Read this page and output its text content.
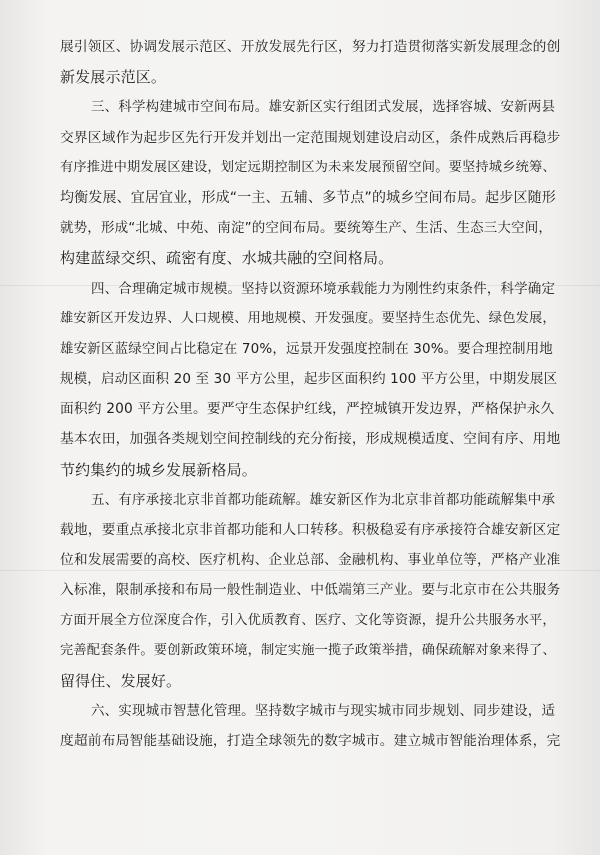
展引领区、协调发展示范区、开放发展先行区，努力打造贯彻落实新发展理念的创
新发展示范区。
三、科学构建城市空间布局。雄安新区实行组团式发展，选择容城、安新两县
交界区域作为起步区先行开发并划出一定范围规划建设启动区，条件成熟后再稳步
有序推进中期发展区建设，划定远期控制区为未来发展预留空间。要坚持城乡统筹、
均衡发展、宜居宜业，形成“一主、五辅、多节点”的城乡空间布局。起步区随形
就势，形成“北城、中苑、南淀”的空间布局。要统筹生产、生活、生态三大空间，
构建蓝绿交织、疏密有度、水城共融的空间格局。
四、合理确定城市规模。坚持以资源环境承载能力为刚性约束条件，科学确定
雄安新区开发边界、人口规模、用地规模、开发强度。要坚持生态优先、绿色发展，
雄安新区蓝绿空间占比稳定在 70%，远景开发强度控制在 30%。要合理控制用地
规模，启动区面积 20 至 30 平方公里，起步区面积约 100 平方公里，中期发展区
面积约 200 平方公里。要严守生态保护红线，严控城镇开发边界，严格保护永久
基本农田，加强各类规划空间控制线的充分衔接，形成规模适度、空间有序、用地
节约集约的城乡发展新格局。
五、有序承接北京非首都功能疏解。雄安新区作为北京非首都功能疏解集中承
载地，要重点承接北京非首都功能和人口转移。积极稳妥有序承接符合雄安新区定
位和发展需要的高校、医疗机构、企业总部、金融机构、事业单位等，严格产业准
入标准，限制承接和布局一般性制造业、中低端第三产业。要与北京市在公共服务
方面开展全方位深度合作，引入优质教育、医疗、文化等资源，提升公共服务水平，
完善配套条件。要创新政策环境，制定实施一揽子政策举措，确保疏解对象来得了、
留得住、发展好。
六、实现城市智慧化管理。坚持数字城市与现实城市同步规划、同步建设，适
度超前布局智能基础设施，打造全球领先的数字城市。建立城市智能治理体系，完
